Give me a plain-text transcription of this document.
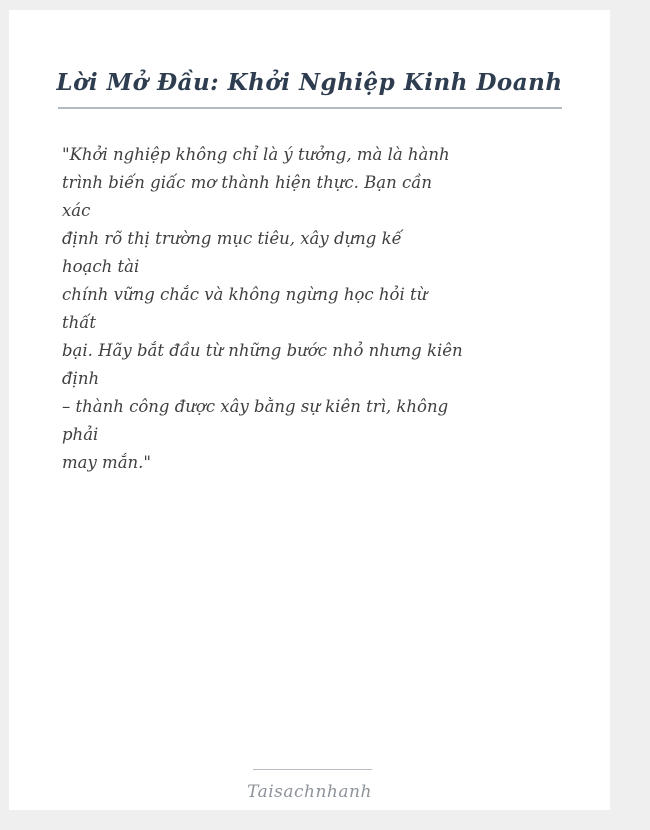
Lời Mở Đầu: Khởi Nghiệp Kinh Doanh

"Khởi nghiệp không chỉ là ý tưởng, mà là hành

trình biến giấc mơ thành hiện thực. Bạn cần

xác

định rõ thị trường mục tiêu, xây dựng kế

hoạch tài

chính vững chắc và không ngừng học hỏi từ

thất

bại. Hãy bắt đầu từ những bước nhỏ nhưng kiên

định

– thành công được xây bằng sự kiên trì, không

phải

may mắn."

Taisachnhanh
